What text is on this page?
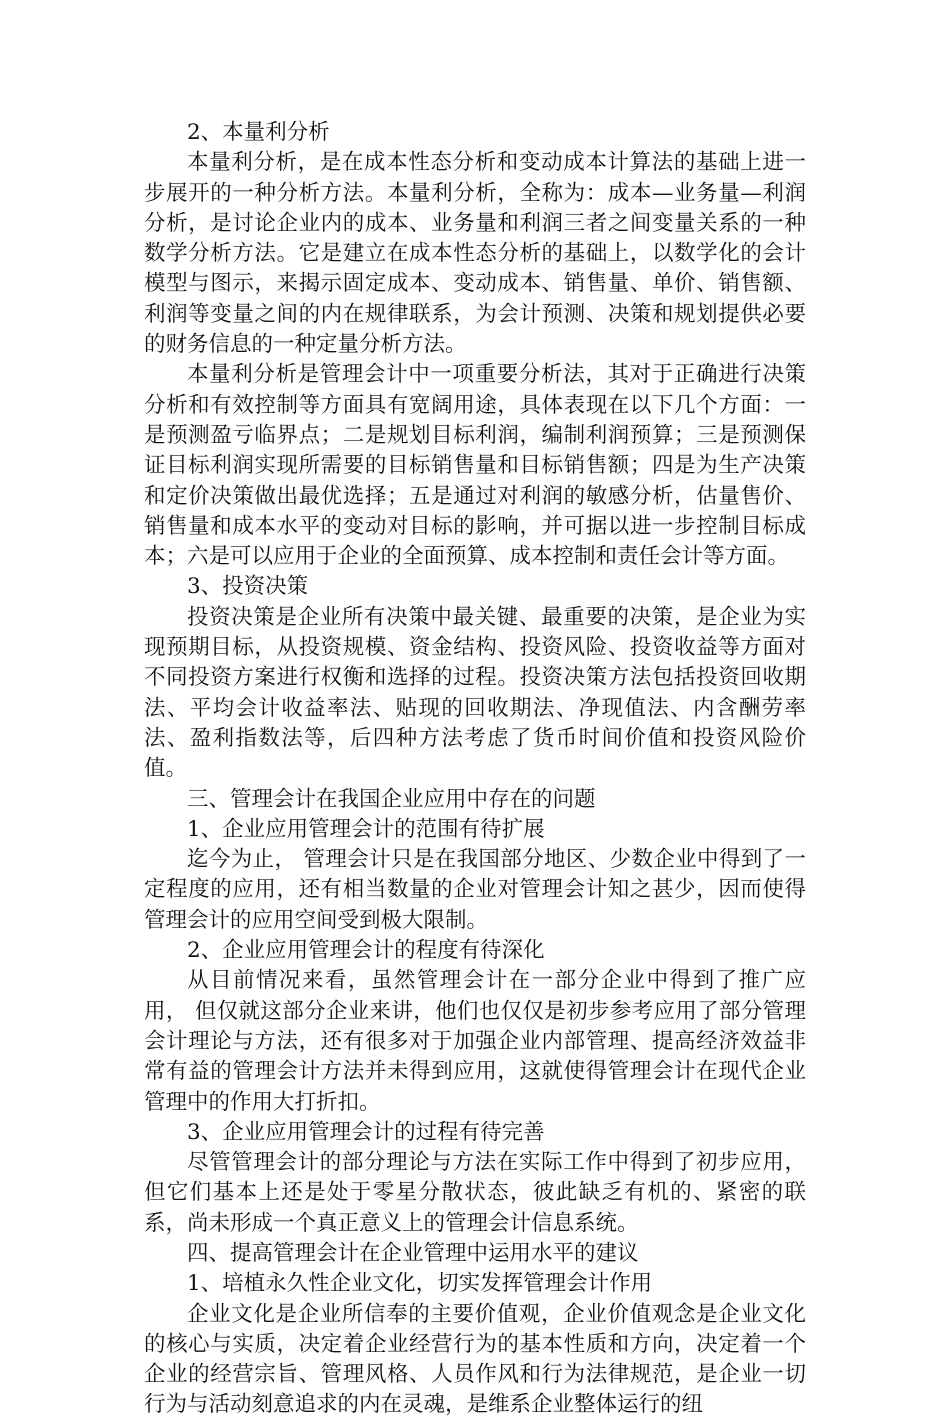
2、本量利分析

本量利分析，是在成本性态分析和变动成本计算法的基础上进一步展开的一种分析方法。本量利分析，全称为：成本—业务量—利润分析，是讨论企业内的成本、业务量和利润三者之间变量关系的一种数学分析方法。它是建立在成本性态分析的基础上，以数学化的会计模型与图示，来揭示固定成本、变动成本、销售量、单价、销售额、利润等变量之间的内在规律联系，为会计预测、决策和规划提供必要的财务信息的一种定量分析方法。

本量利分析是管理会计中一项重要分析法，其对于正确进行决策分析和有效控制等方面具有宽阔用途，具体表现在以下几个方面：一是预测盈亏临界点；二是规划目标利润，编制利润预算；三是预测保证目标利润实现所需要的目标销售量和目标销售额；四是为生产决策和定价决策做出最优选择；五是通过对利润的敏感分析，估量售价、销售量和成本水平的变动对目标的影响，并可据以进一步控制目标成本；六是可以应用于企业的全面预算、成本控制和责任会计等方面。

3、投资决策

投资决策是企业所有决策中最关键、最重要的决策，是企业为实现预期目标，从投资规模、资金结构、投资风险、投资收益等方面对不同投资方案进行权衡和选择的过程。投资决策方法包括投资回收期法、平均会计收益率法、贴现的回收期法、净现值法、内含酬劳率法、盈利指数法等，后四种方法考虑了货币时间价值和投资风险价值。

三、管理会计在我国企业应用中存在的问题

1、企业应用管理会计的范围有待扩展

迄今为止， 管理会计只是在我国部分地区、少数企业中得到了一定程度的应用，还有相当数量的企业对管理会计知之甚少，因而使得管理会计的应用空间受到极大限制。

2、企业应用管理会计的程度有待深化

从目前情况来看，虽然管理会计在一部分企业中得到了推广应用， 但仅就这部分企业来讲，他们也仅仅是初步参考应用了部分管理会计理论与方法，还有很多对于加强企业内部管理、提高经济效益非常有益的管理会计方法并未得到应用，这就使得管理会计在现代企业管理中的作用大打折扣。

3、企业应用管理会计的过程有待完善

尽管管理会计的部分理论与方法在实际工作中得到了初步应用，但它们基本上还是处于零星分散状态，彼此缺乏有机的、紧密的联系，尚未形成一个真正意义上的管理会计信息系统。

四、提高管理会计在企业管理中运用水平的建议

1、培植永久性企业文化，切实发挥管理会计作用

企业文化是企业所信奉的主要价值观，企业价值观念是企业文化的核心与实质，决定着企业经营行为的基本性质和方向，决定着一个企业的经营宗旨、管理风格、人员作风和行为法律规范，是企业一切行为与活动刻意追求的内在灵魂，是维系企业整体运行的纽
